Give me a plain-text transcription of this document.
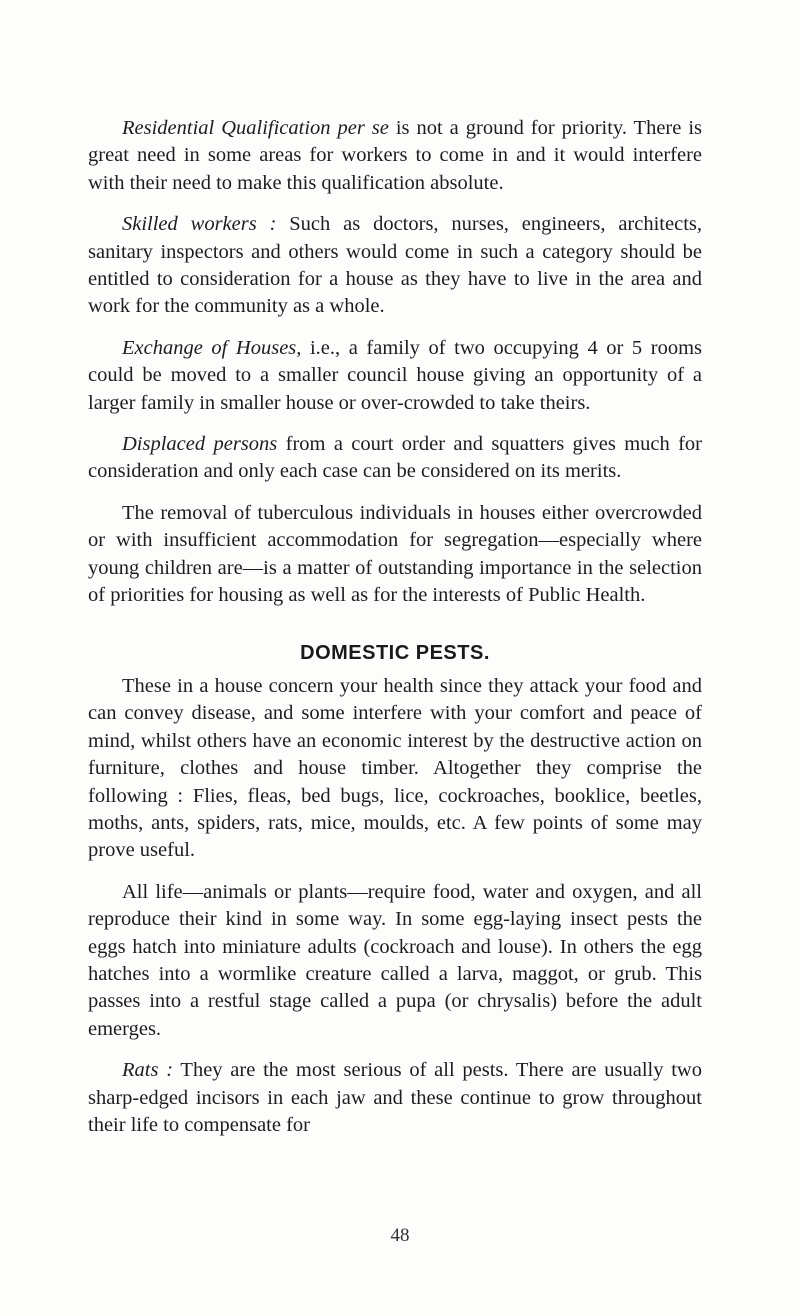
Residential Qualification per se is not a ground for priority. There is great need in some areas for workers to come in and it would interfere with their need to make this qualification absolute.

Skilled workers : Such as doctors, nurses, engineers, architects, sanitary inspectors and others would come in such a category should be entitled to consideration for a house as they have to live in the area and work for the community as a whole.

Exchange of Houses, i.e., a family of two occupying 4 or 5 rooms could be moved to a smaller council house giving an opportunity of a larger family in smaller house or over-crowded to take theirs.

Displaced persons from a court order and squatters gives much for consideration and only each case can be considered on its merits.

The removal of tuberculous individuals in houses either overcrowded or with insufficient accommodation for segregation—especially where young children are—is a matter of outstanding importance in the selection of priorities for housing as well as for the interests of Public Health.

DOMESTIC PESTS.

These in a house concern your health since they attack your food and can convey disease, and some interfere with your comfort and peace of mind, whilst others have an economic interest by the destructive action on furniture, clothes and house timber. Altogether they comprise the following : Flies, fleas, bed bugs, lice, cockroaches, booklice, beetles, moths, ants, spiders, rats, mice, moulds, etc. A few points of some may prove useful.

All life—animals or plants—require food, water and oxygen, and all reproduce their kind in some way. In some egg-laying insect pests the eggs hatch into miniature adults (cockroach and louse). In others the egg hatches into a wormlike creature called a larva, maggot, or grub. This passes into a restful stage called a pupa (or chrysalis) before the adult emerges.

Rats : They are the most serious of all pests. There are usually two sharp-edged incisors in each jaw and these continue to grow throughout their life to compensate for

48
